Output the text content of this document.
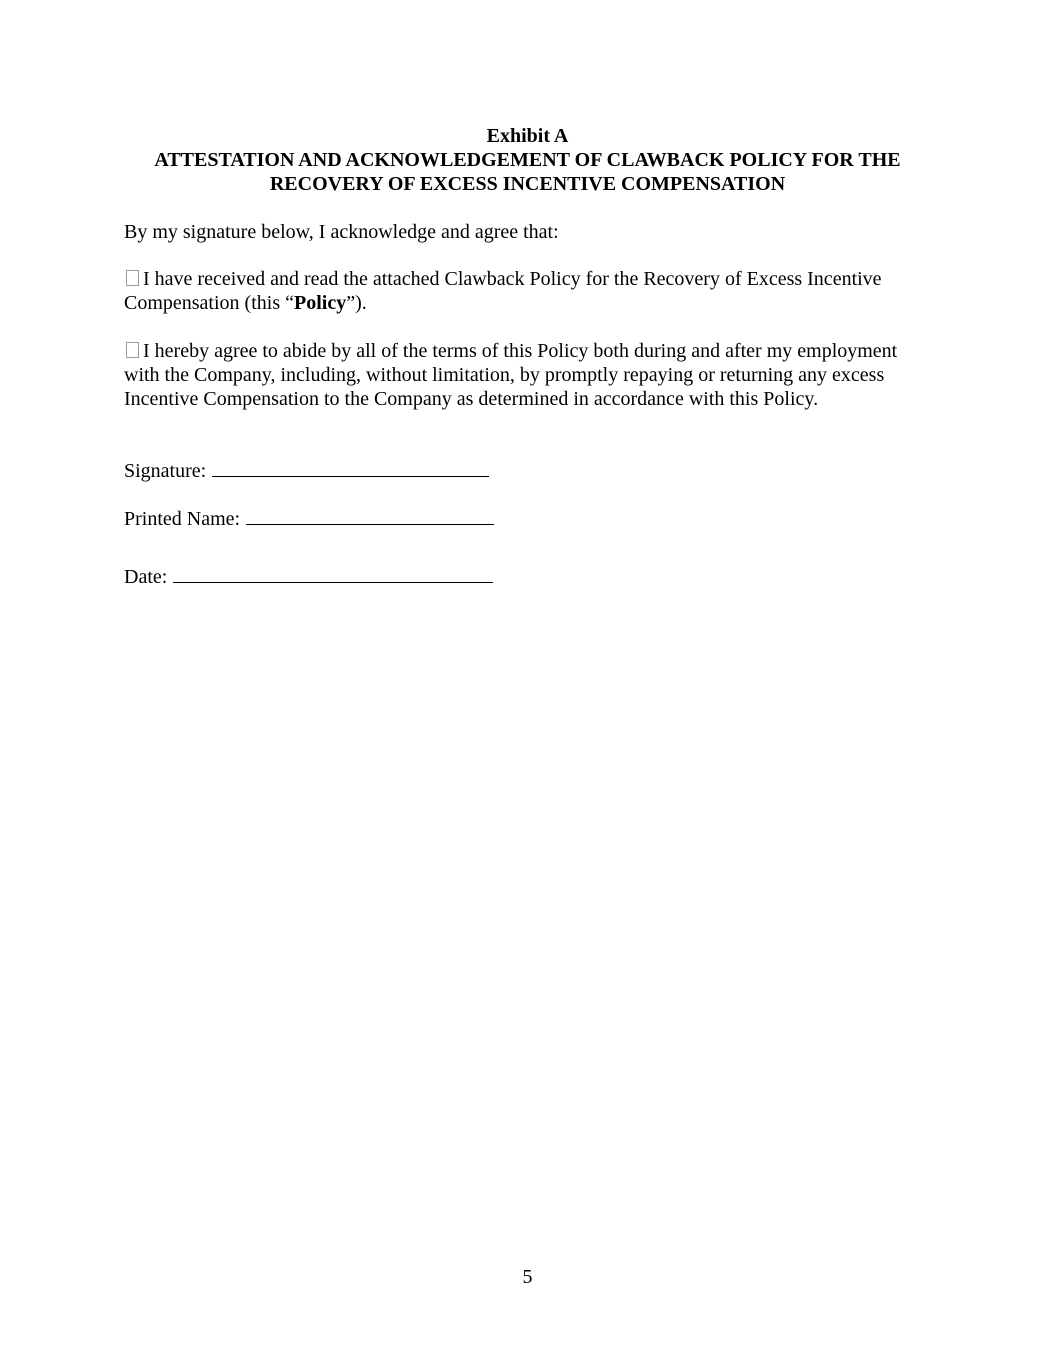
Exhibit A
ATTESTATION AND ACKNOWLEDGEMENT OF CLAWBACK POLICY FOR THE
RECOVERY OF EXCESS INCENTIVE COMPENSATION
By my signature below, I acknowledge and agree that:
I have received and read the attached Clawback Policy for the Recovery of Excess Incentive
Compensation (this “Policy”).
I hereby agree to abide by all of the terms of this Policy both during and after my employment
with the Company, including, without limitation, by promptly repaying or returning any excess
Incentive Compensation to the Company as determined in accordance with this Policy.
Signature:
Printed Name:
Date:
5
